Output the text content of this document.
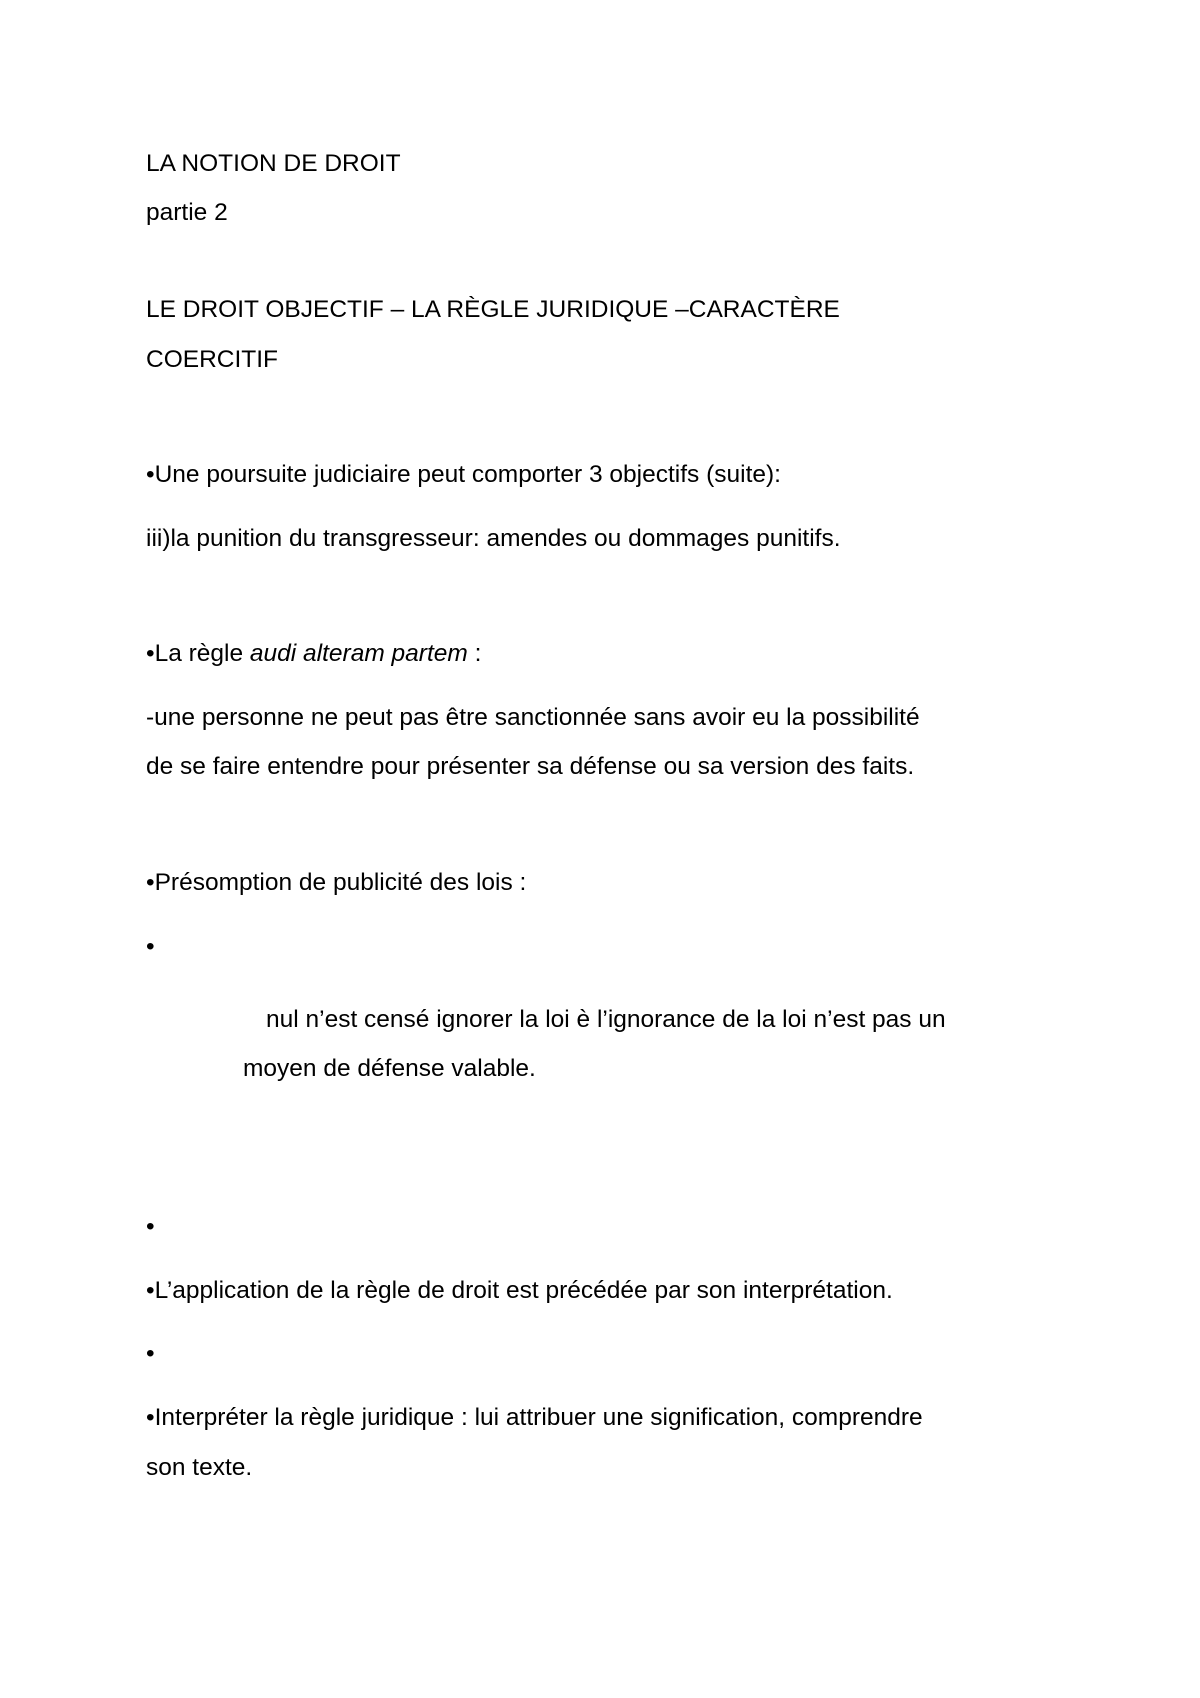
LA NOTION DE DROIT
partie 2
LE DROIT OBJECTIF – LA RÈGLE JURIDIQUE –CARACTÈRE
COERCITIF
•Une poursuite judiciaire peut comporter 3 objectifs (suite):
iii)la punition du transgresseur: amendes ou dommages punitifs.
•La règle audi alteram partem :
-une personne ne peut pas être sanctionnée sans avoir eu la possibilité
de se faire entendre pour présenter sa défense ou sa version des faits.
•Présomption de publicité des lois :
•
nul n’est censé ignorer la loi è l’ignorance de la loi n’est pas un
moyen de défense valable.
•
•L’application de la règle de droit est précédée par son interprétation.
•
•Interpréter la règle juridique : lui attribuer une signification, comprendre
son texte.
